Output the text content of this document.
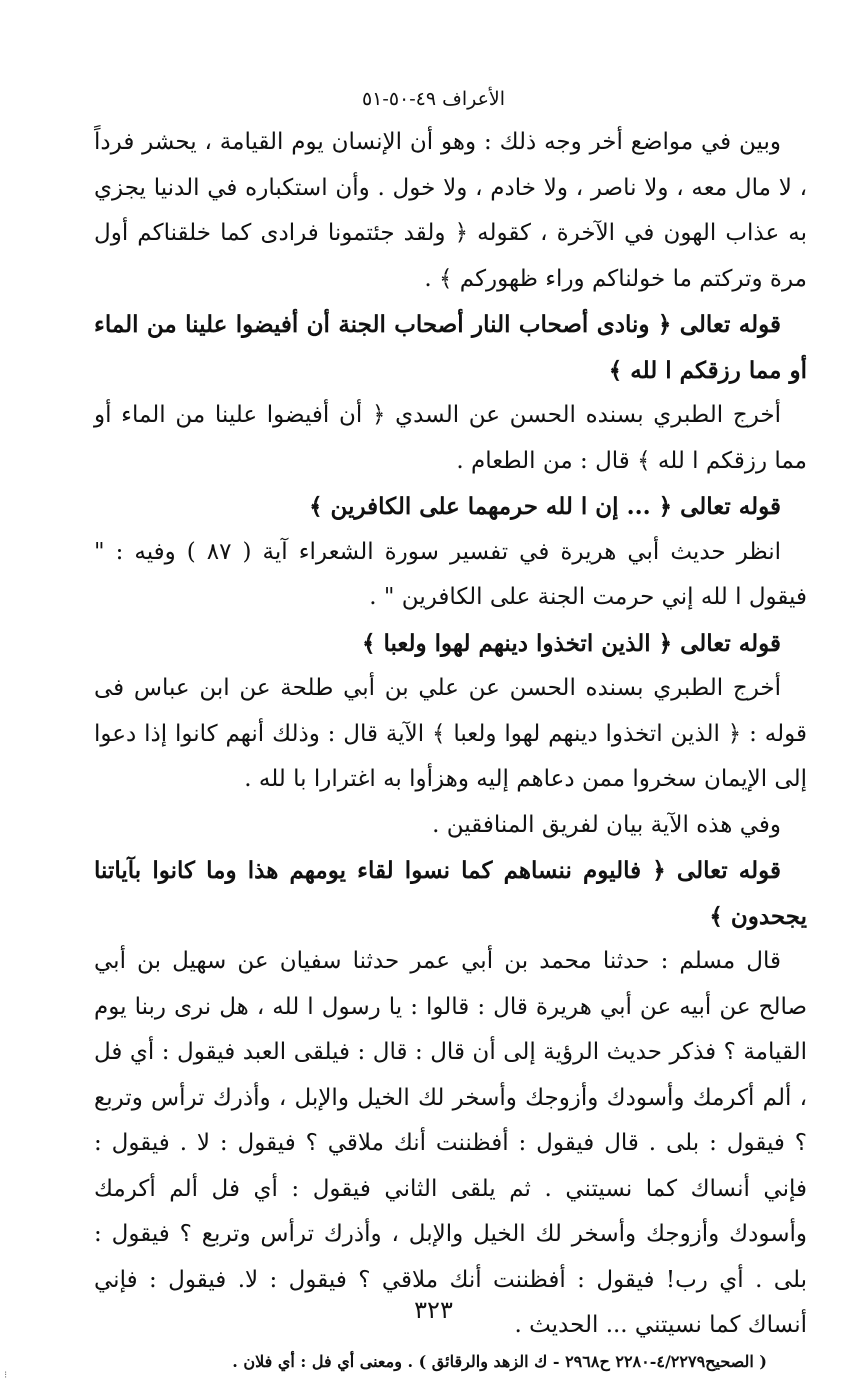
الأعراف ٤٩-٥٠-٥١

وبين في مواضع أخر وجه ذلك : وهو أن الإنسان يوم القيامة ، يحشر فرداً ، لا مال معه ، ولا ناصر ، ولا خادم ، ولا خول . وأن استكباره في الدنيا يجزي به عذاب الهون في الآخرة ، كقوله ﴿ ولقد جئتمونا فرادى كما خلقناكم أول مرة وتركتم ما خولناكم وراء ظهوركم ﴾ .

قوله تعالى ﴿ ونادى أصحاب النار أصحاب الجنة أن أفيضوا علينا من الماء أو مما رزقكم ا لله ﴾

أخرج الطبري بسنده الحسن عن السدي ﴿ أن أفيضوا علينا من الماء أو مما رزقكم ا لله ﴾ قال : من الطعام .

قوله تعالى ﴿ ... إن ا لله حرمهما على الكافرين ﴾

انظر حديث أبي هريرة في تفسير سورة الشعراء آية ( ٨٧ ) وفيه : " فيقول ا لله إني حرمت الجنة على الكافرين " .

قوله تعالى ﴿ الذين اتخذوا دينهم لهوا ولعبا ﴾

أخرج الطبري بسنده الحسن عن علي بن أبي طلحة عن ابن عباس فى قوله : ﴿ الذين اتخذوا دينهم لهوا ولعبا ﴾ الآية قال : وذلك أنهم كانوا إذا دعوا إلى الإيمان سخروا ممن دعاهم إليه وهزأوا به اغترارا با لله .

وفي هذه الآية بيان لفريق المنافقين .

قوله تعالى ﴿ فاليوم ننساهم كما نسوا لقاء يومهم هذا وما كانوا بآياتنا يجحدون ﴾

قال مسلم : حدثنا محمد بن أبي عمر حدثنا سفيان عن سهيل بن أبي صالح عن أبيه عن أبي هريرة قال : قالوا : يا رسول ا لله ، هل نرى ربنا يوم القيامة ؟ فذكر حديث الرؤية إلى أن قال : قال : فيلقى العبد فيقول : أي فل ، ألم أكرمك وأسودك وأزوجك وأسخر لك الخيل والإبل ، وأذرك ترأس وتربع ؟ فيقول : بلى . قال فيقول : أفظننت أنك ملاقي ؟ فيقول : لا . فيقول : فإني أنساك كما نسيتني . ثم يلقى الثاني فيقول : أي فل ألم أكرمك وأسودك وأزوجك وأسخر لك الخيل والإبل ، وأذرك ترأس وتربع ؟ فيقول : بلى . أي رب! فيقول : أفظننت أنك ملاقي ؟ فيقول : لا. فيقول : فإني أنساك كما نسيتني ... الحديث .

( الصحيح٤/٢٢٧٩-٢٢٨٠ ح٢٩٦٨ - ك الزهد والرقائق ) . ومعنى أي فل : أي فلان .

٣٢٣
⁝
